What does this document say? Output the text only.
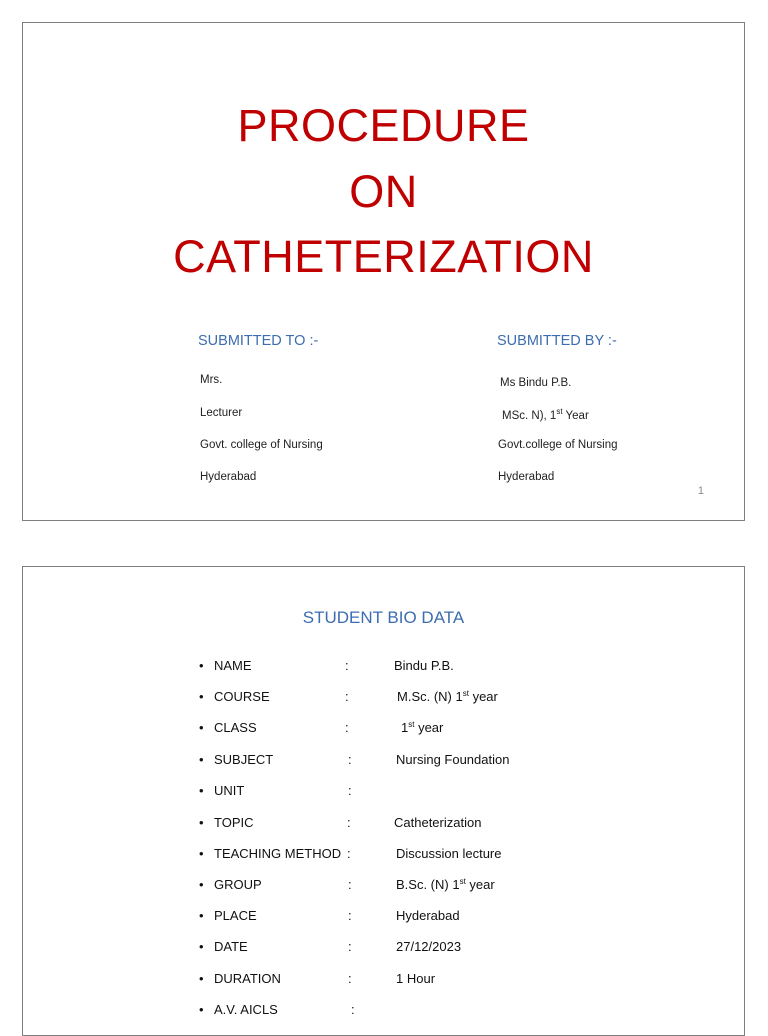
PROCEDURE
ON
CATHETERIZATION
SUBMITTED TO :-
Mrs.
Lecturer
Govt. college of Nursing
Hyderabad
SUBMITTED BY :-
Ms Bindu P.B.
MSc. N), 1st Year
Govt.college of Nursing
Hyderabad
1
STUDENT BIO DATA
• NAME	:	Bindu P.B.
• COURSE	:	M.Sc. (N) 1st year
• CLASS	:	1st year
• SUBJECT	:	Nursing Foundation
• UNIT	:
• TOPIC	:	Catheterization
• TEACHING METHOD :	Discussion lecture
• GROUP	:	B.Sc. (N) 1st year
• PLACE	:	Hyderabad
• DATE	:	27/12/2023
• DURATION	:	1 Hour
• A.V. AICLS	:
